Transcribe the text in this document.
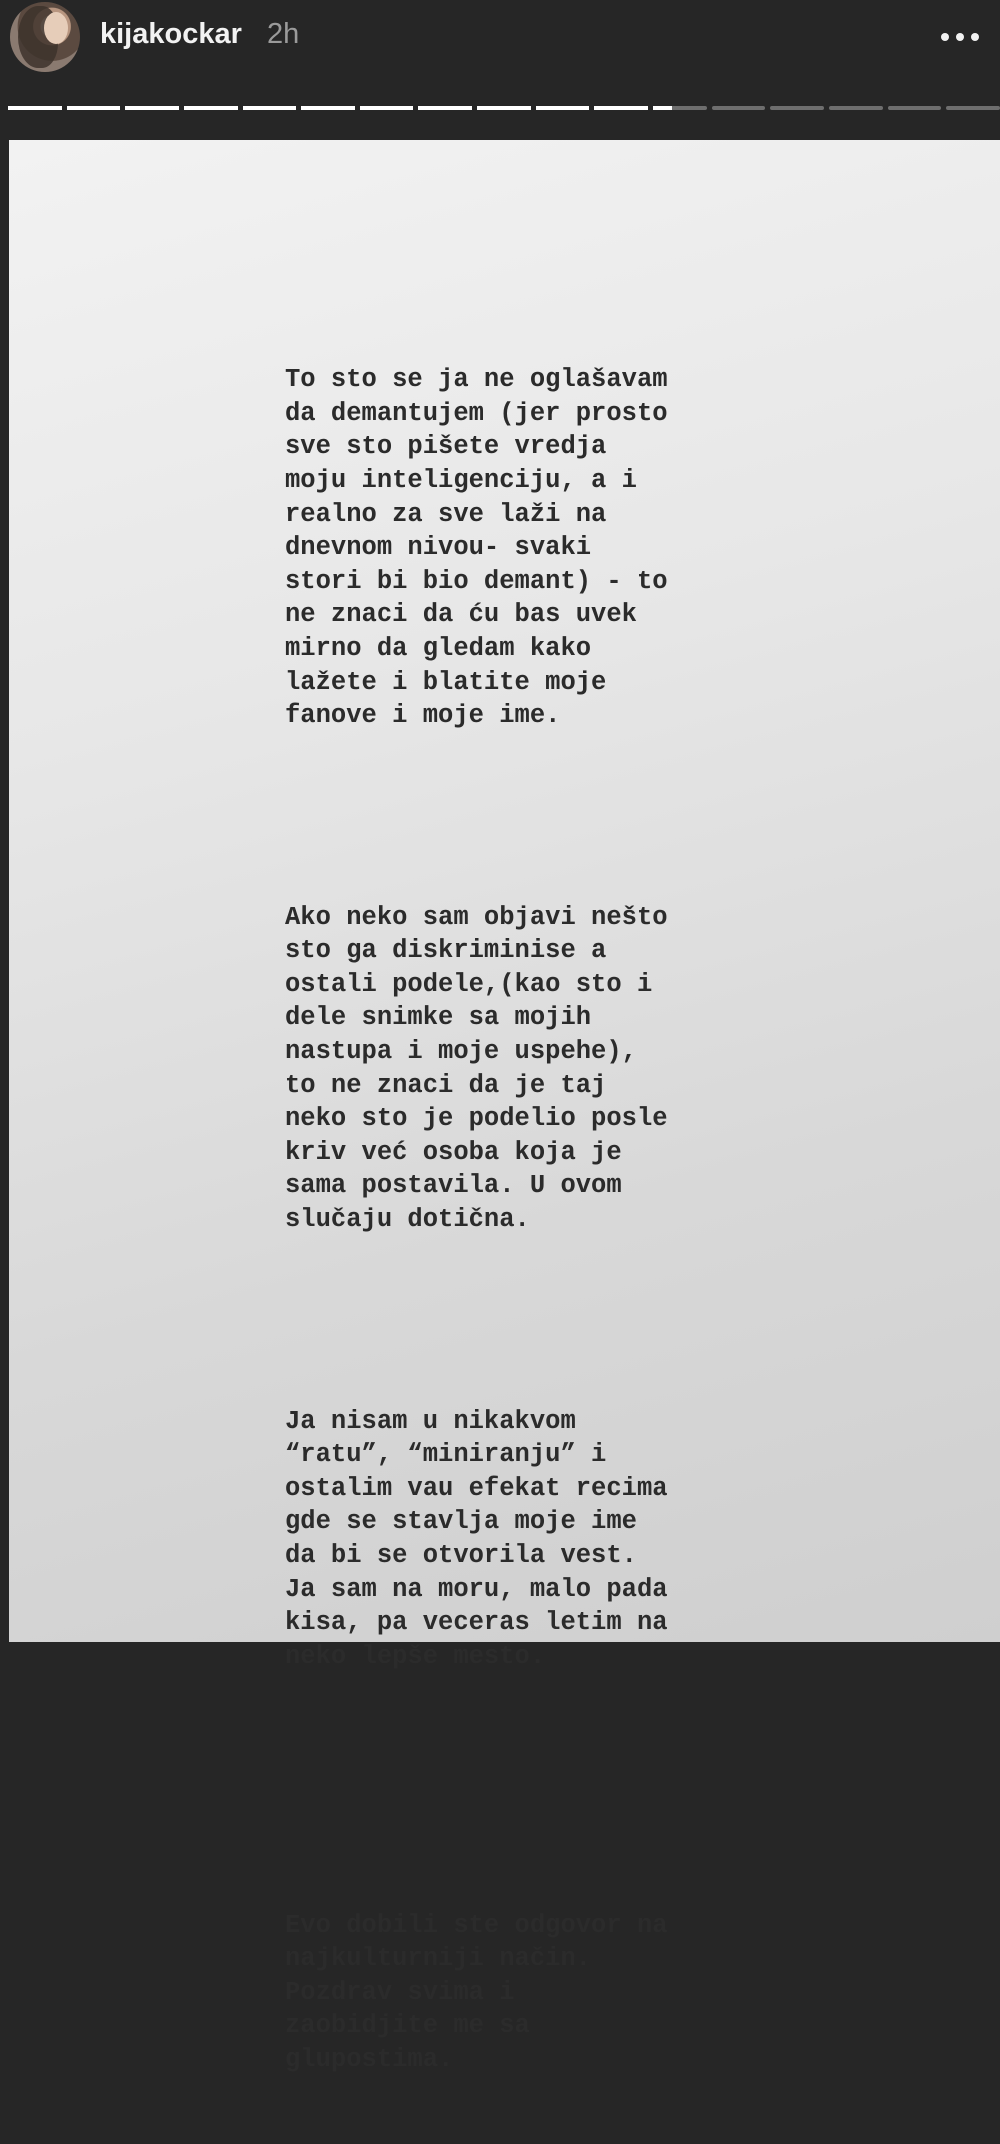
kijakockar 2h

To sto se ja ne oglašavam
da demantujem (jer prosto
sve sto pišete vredja
moju inteligenciju, a i
realno za sve laži na
dnevnom nivou- svaki
stori bi bio demant) - to
ne znaci da ću bas uvek
mirno da gledam kako
lažete i blatite moje
fanove i moje ime.

Ako neko sam objavi nešto
sto ga diskriminise a
ostali podele,(kao sto i
dele snimke sa mojih
nastupa i moje uspehe),
to ne znaci da je taj
neko sto je podelio posle
kriv već osoba koja je
sama postavila. U ovom
slučaju dotična.

Ja nisam u nikakvom
“ratu”, “miniranju” i
ostalim vau efekat recima
gde se stavlja moje ime
da bi se otvorila vest.
Ja sam na moru, malo pada
kisa, pa veceras letim na
neko lepše mesto.

Evo dobili ste odgovor na
najkulturniji način.
Pozdrav svima i
zaobidjite me sa
glupostima.
